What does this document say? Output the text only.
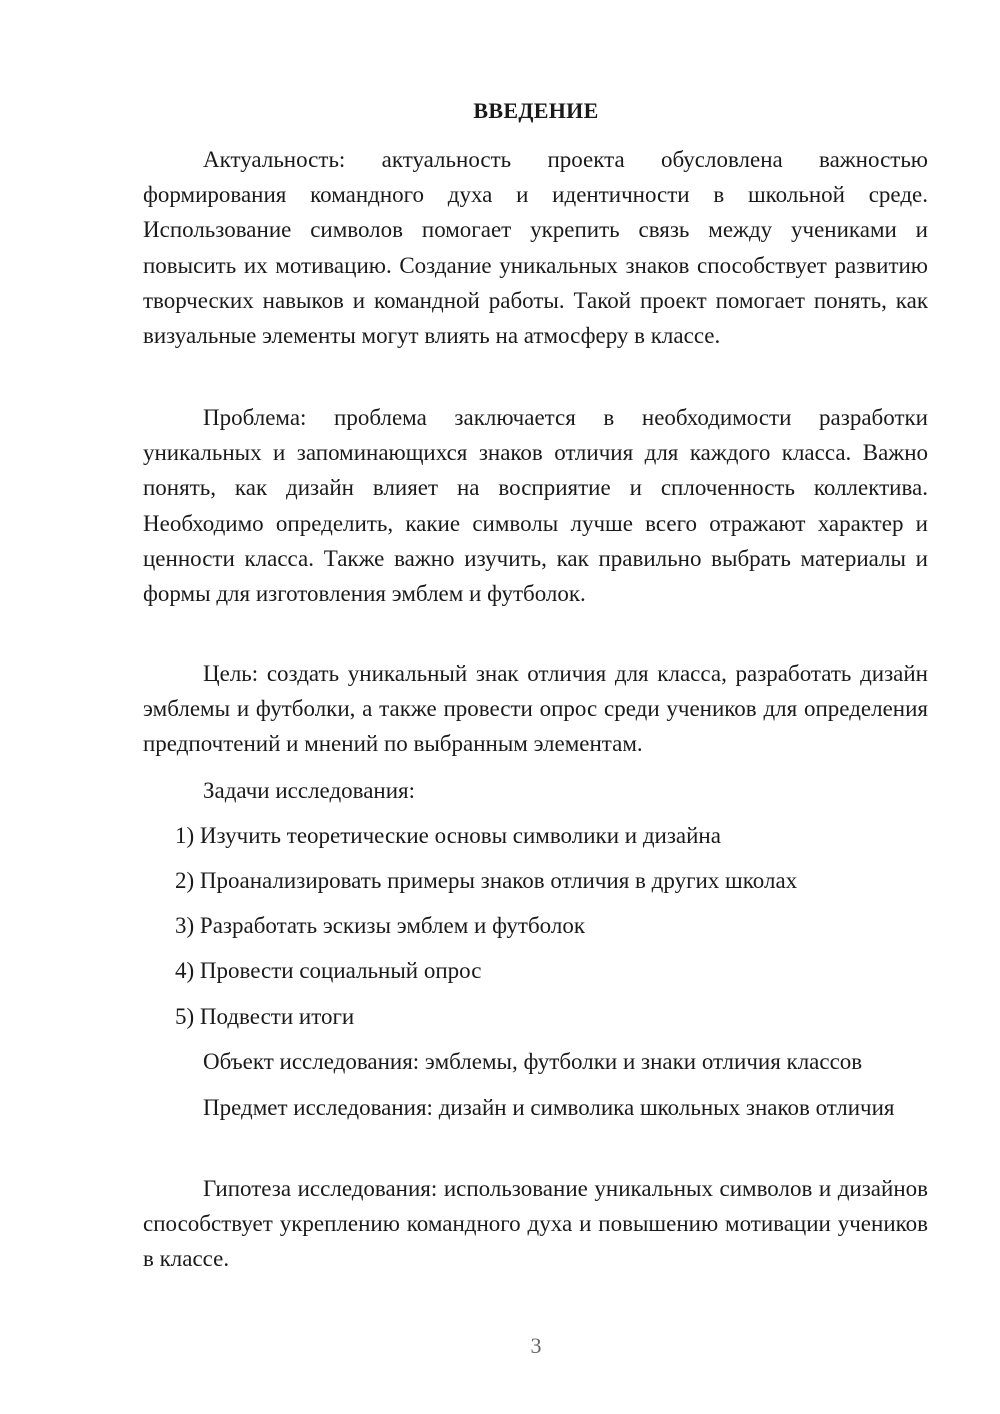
ВВЕДЕНИЕ

Актуальность: актуальность проекта обусловлена важностью формирования командного духа и идентичности в школьной среде. Использование символов помогает укрепить связь между учениками и повысить их мотивацию. Создание уникальных знаков способствует развитию творческих навыков и командной работы. Такой проект помогает понять, как визуальные элементы могут влиять на атмосферу в классе.

Проблема: проблема заключается в необходимости разработки уникальных и запоминающихся знаков отличия для каждого класса. Важно понять, как дизайн влияет на восприятие и сплоченность коллектива. Необходимо определить, какие символы лучше всего отражают характер и ценности класса. Также важно изучить, как правильно выбрать материалы и формы для изготовления эмблем и футболок.

Цель: создать уникальный знак отличия для класса, разработать дизайн эмблемы и футболки, а также провести опрос среди учеников для определения предпочтений и мнений по выбранным элементам.

Задачи исследования:

1) Изучить теоретические основы символики и дизайна

2) Проанализировать примеры знаков отличия в других школах

3) Разработать эскизы эмблем и футболок

4) Провести социальный опрос

5) Подвести итоги

Объект исследования: эмблемы, футболки и знаки отличия классов

Предмет исследования: дизайн и символика школьных знаков отличия

Гипотеза исследования: использование уникальных символов и дизайнов способствует укреплению командного духа и повышению мотивации учеников в классе.

3
